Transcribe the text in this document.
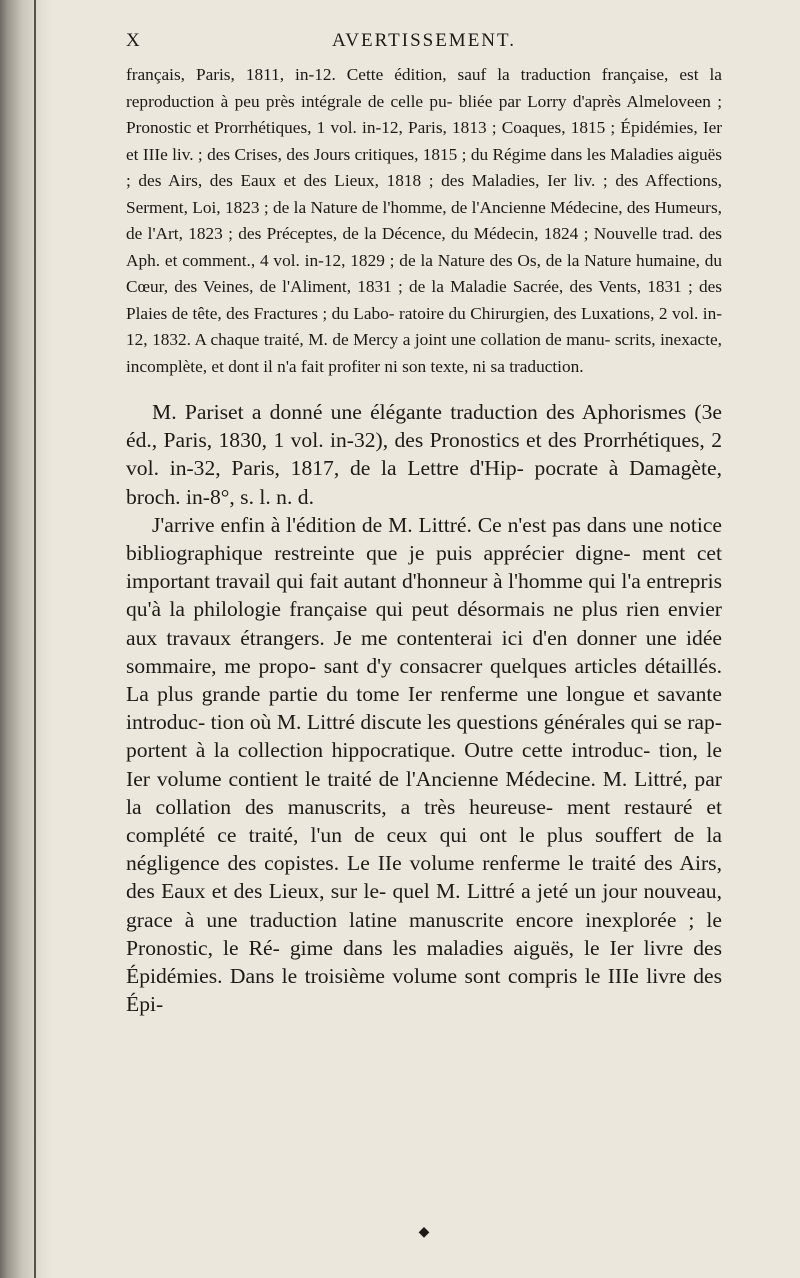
X	AVERTISSEMENT.
français, Paris, 1811, in-12. Cette édition, sauf la traduction française, est la reproduction à peu près intégrale de celle pu- bliée par Lorry d'après Almeloveen ; Pronostic et Prorrhétiques, 1 vol. in-12, Paris, 1813 ; Coaques, 1815 ; Épidémies, Ier et IIIe liv. ; des Crises, des Jours critiques, 1815 ; du Régime dans les Maladies aiguës ; des Airs, des Eaux et des Lieux, 1818 ; des Maladies, Ier liv. ; des Affections, Serment, Loi, 1823 ; de la Nature de l'homme, de l'Ancienne Médecine, des Humeurs, de l'Art, 1823 ; des Préceptes, de la Décence, du Médecin, 1824 ; Nouvelle trad. des Aph. et comment., 4 vol. in-12, 1829 ; de la Nature des Os, de la Nature humaine, du Cœur, des Veines, de l'Aliment, 1831 ; de la Maladie Sacrée, des Vents, 1831 ; des Plaies de tête, des Fractures ; du Labo- ratoire du Chirurgien, des Luxations, 2 vol. in-12, 1832. A chaque traité, M. de Mercy a joint une collation de manu- scrits, inexacte, incomplète, et dont il n'a fait profiter ni son texte, ni sa traduction.
M. Pariset a donné une élégante traduction des Aphorismes (3e éd., Paris, 1830, 1 vol. in-32), des Pronostics et des Prorrhétiques, 2 vol. in-32, Paris, 1817, de la Lettre d'Hip- pocrate à Damagète, broch. in-8°, s. l. n. d.
J'arrive enfin à l'édition de M. Littré. Ce n'est pas dans une notice bibliographique restreinte que je puis apprécier digne- ment cet important travail qui fait autant d'honneur à l'homme qui l'a entrepris qu'à la philologie française qui peut désormais ne plus rien envier aux travaux étrangers. Je me contenterai ici d'en donner une idée sommaire, me propo- sant d'y consacrer quelques articles détaillés. La plus grande partie du tome Ier renferme une longue et savante introduc- tion où M. Littré discute les questions générales qui se rap- portent à la collection hippocratique. Outre cette introduc- tion, le Ier volume contient le traité de l'Ancienne Médecine. M. Littré, par la collation des manuscrits, a très heureuse- ment restauré et complété ce traité, l'un de ceux qui ont le plus souffert de la négligence des copistes. Le IIe volume renferme le traité des Airs, des Eaux et des Lieux, sur le- quel M. Littré a jeté un jour nouveau, grace à une traduction latine manuscrite encore inexplorée ; le Pronostic, le Ré- gime dans les maladies aiguës, le Ier livre des Épidémies. Dans le troisième volume sont compris le IIIe livre des Épi-
◆
